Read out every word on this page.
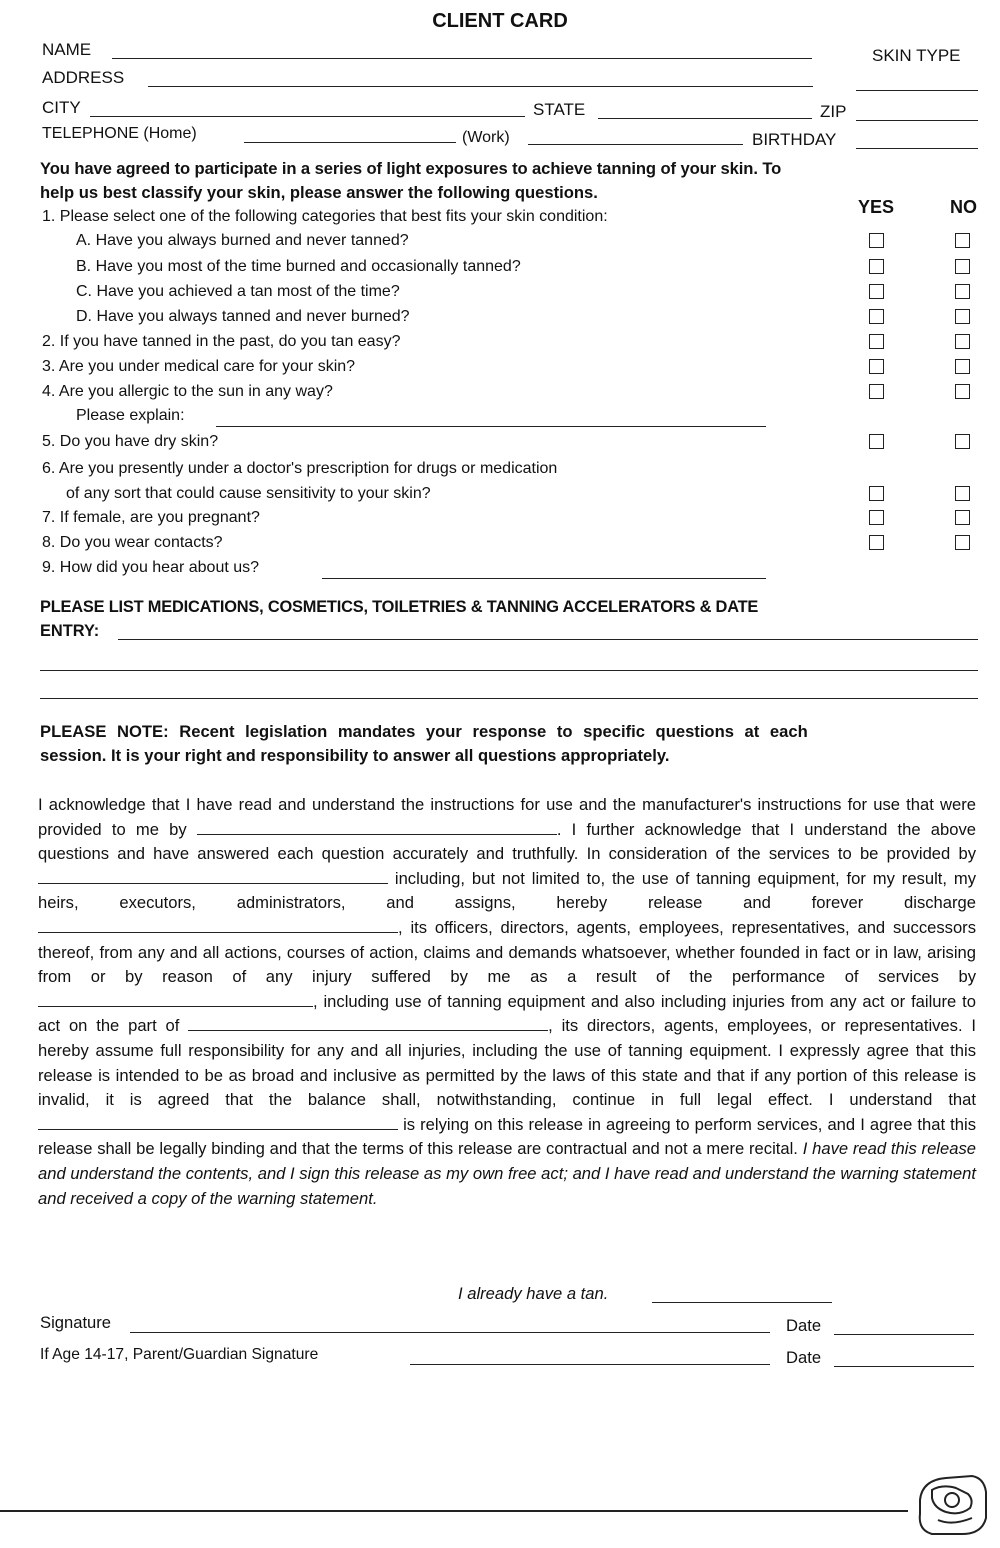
CLIENT CARD
NAME	SKIN TYPE
ADDRESS
CITY	STATE	ZIP
TELEPHONE (Home)	(Work)	BIRTHDAY
You have agreed to participate in a series of light exposures to achieve tanning of your skin. To
help us best classify your skin, please answer the following questions.
YES	NO
1. Please select one of the following categories that best fits your skin condition:
A. Have you always burned and never tanned?
B. Have you most of the time burned and occasionally tanned?
C. Have you achieved a tan most of the time?
D. Have you always tanned and never burned?
2. If you have tanned in the past, do you tan easy?
3. Are you under medical care for your skin?
4. Are you allergic to the sun in any way?
Please explain:
5. Do you have dry skin?
6. Are you presently under a doctor's prescription for drugs or medication
of any sort that could cause sensitivity to your skin?
7. If female, are you pregnant?
8. Do you wear contacts?
9. How did you hear about us?
PLEASE LIST MEDICATIONS, COSMETICS, TOILETRIES & TANNING ACCELERATORS & DATE
ENTRY:
PLEASE NOTE: Recent legislation mandates your response to specific questions at each
session. It is your right and responsibility to answer all questions appropriately.
I acknowledge that I have read and understand the instructions for use and the manufacturer's instructions for use that were provided to me by	. I further acknowledge that I understand the above questions and have answered each question accurately and truthfully. In consideration of the services to be provided by  including, but not limited to, the use of tanning equipment, for my result, my heirs, executors, administrators, and assigns, hereby release and forever discharge , its officers, directors, agents, employees, representatives, and successors thereof, from any and all actions, courses of action, claims and demands whatsoever, whether founded in fact or in law, arising from or by reason of any injury suffered by me as a result of the performance of services by , including use of tanning equipment and also including injuries from any act or failure to act on the part of	, its directors, agents, employees, or representatives. I hereby assume full responsibility for any and all injuries, including the use of tanning equipment. I expressly agree that this release is intended to be as broad and inclusive as permitted by the laws of this state and that if any portion of this release is invalid, it is agreed that the balance shall, notwithstanding, continue in full legal effect. I understand that  is relying on this release in agreeing to perform services, and I agree that this release shall be legally binding and that the terms of this release are contractual and not a mere recital. I have read this release and understand the contents, and I sign this release as my own free act; and I have read and understand the warning statement and received a copy of the warning statement.
I already have a tan.
Signature	Date
If Age 14-17, Parent/Guardian Signature	Date
